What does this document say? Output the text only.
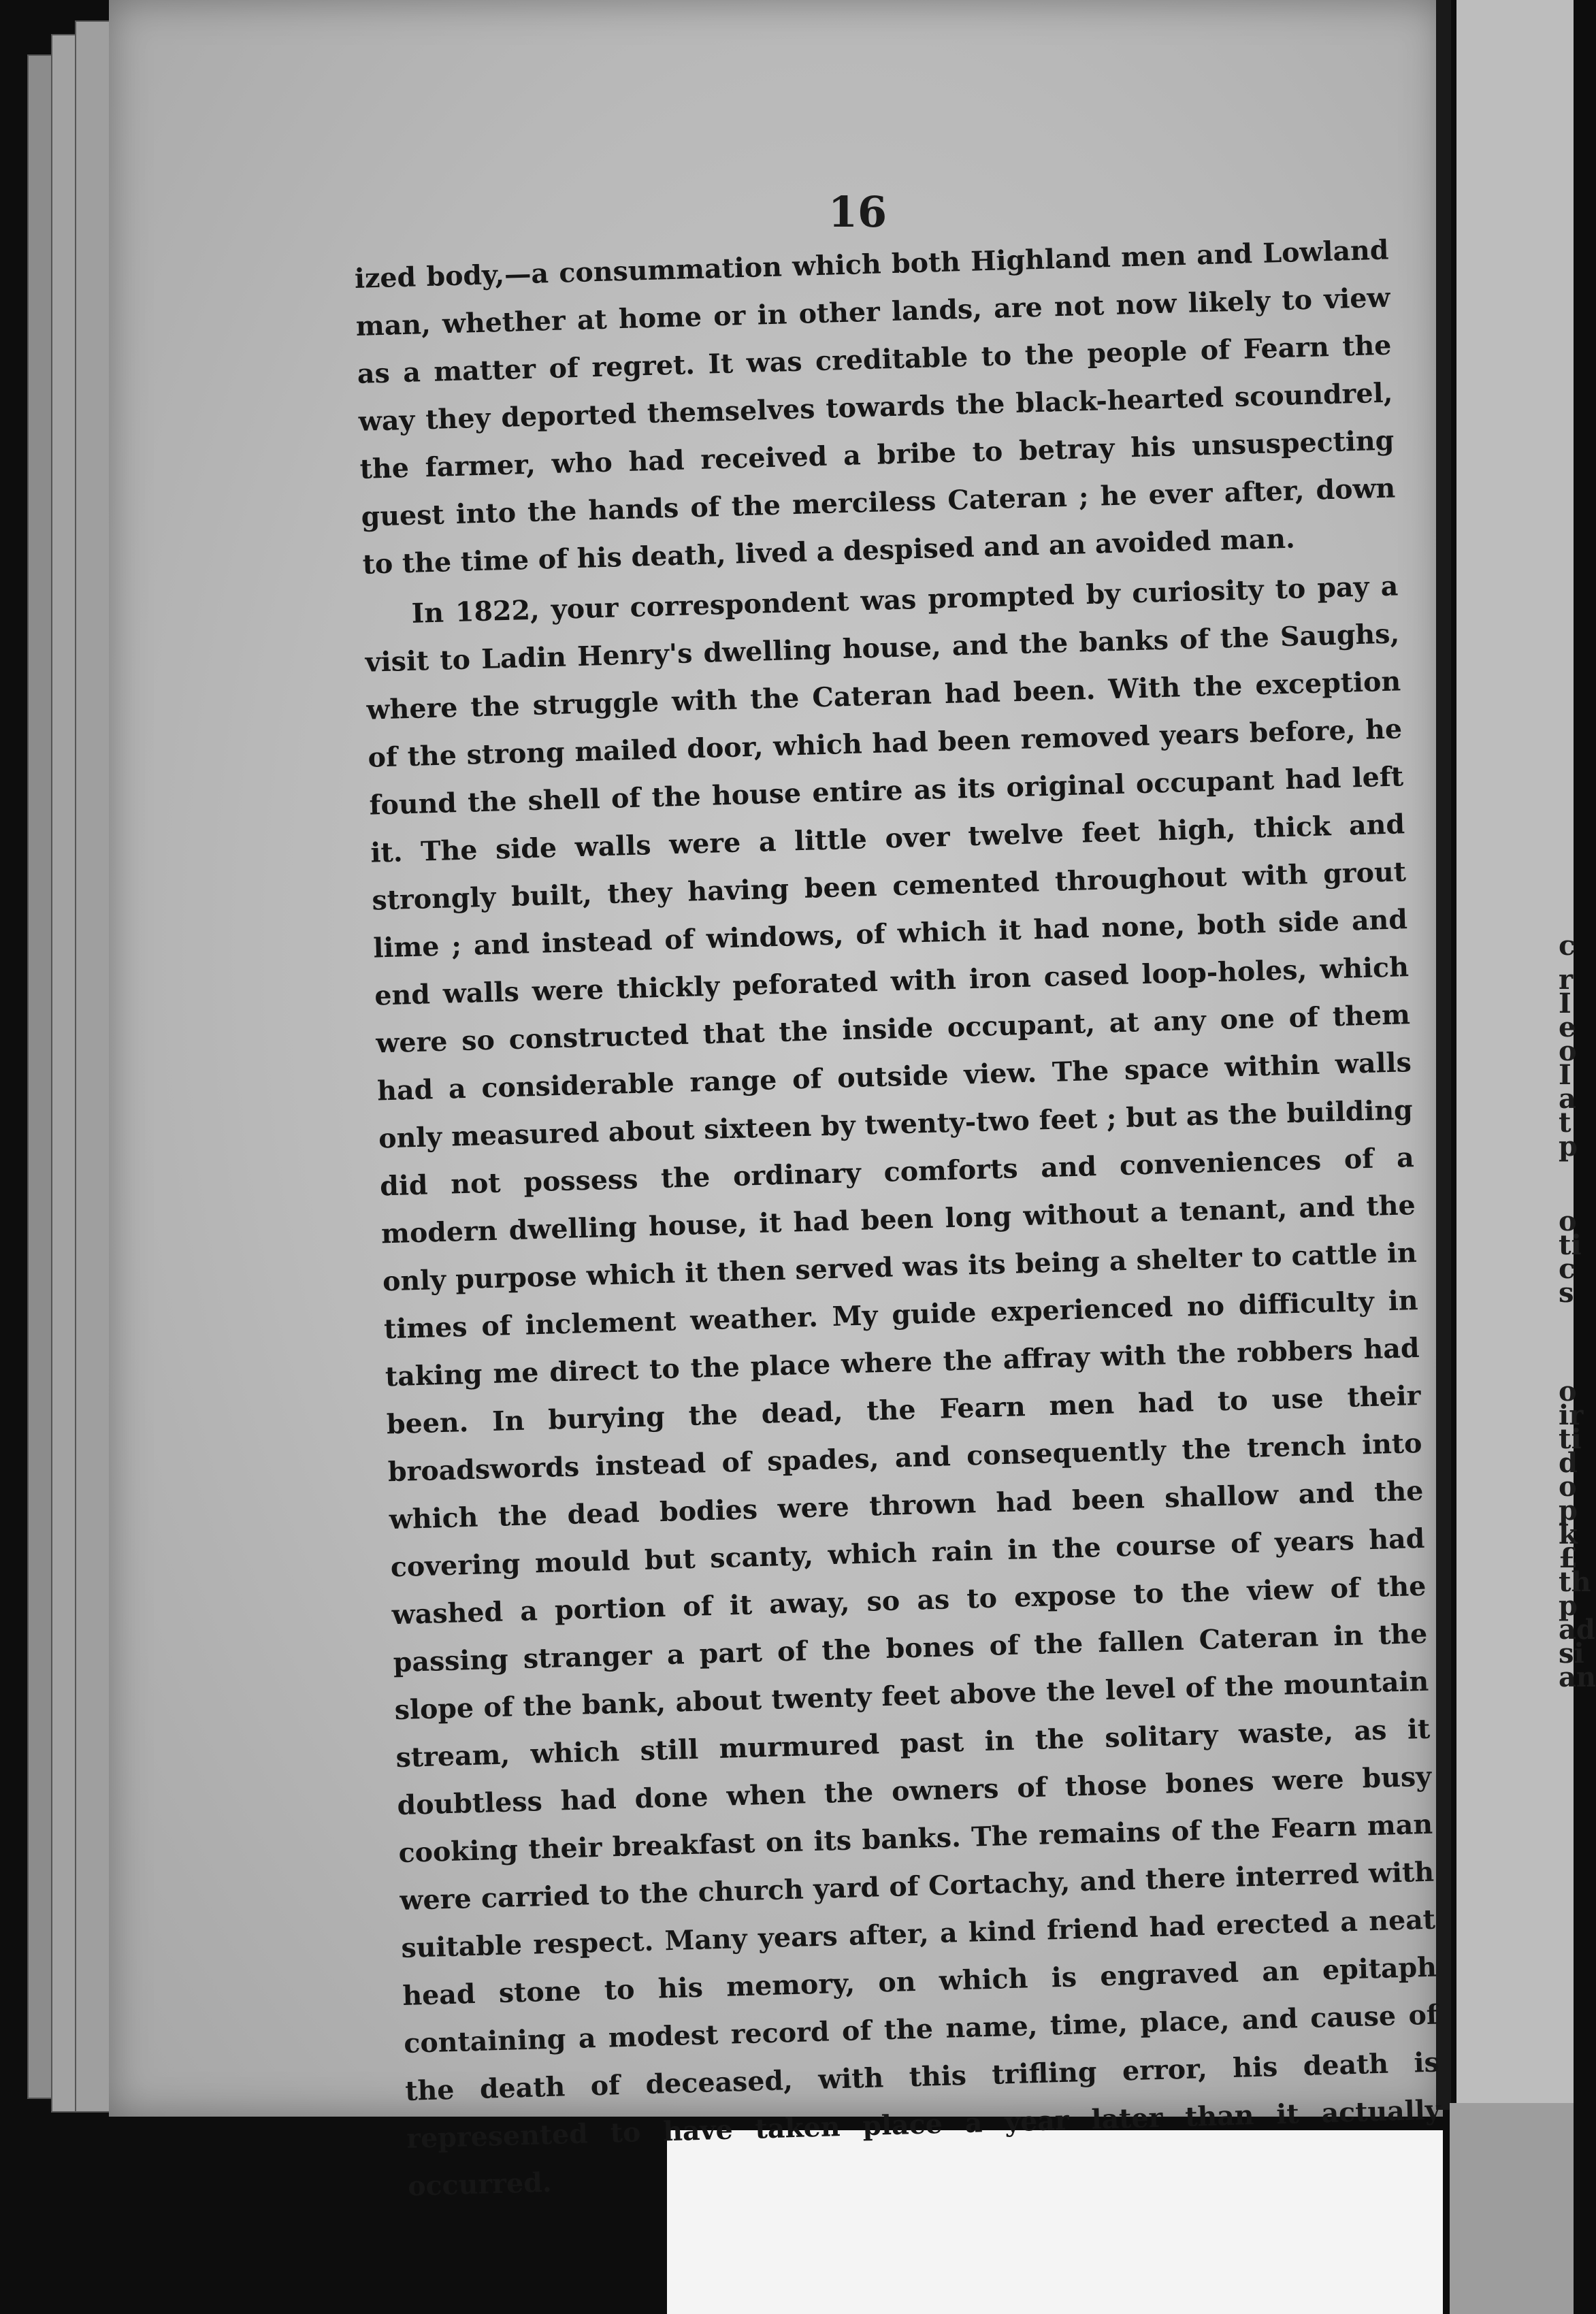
c
r
I
e
o
I
a
t
p
o
ti
c
s
o
ir
ti
d
o
p
k
£
th
p
ad
si
an
16

ized body,—a consummation which both Highland men and Lowland man, whether at home or in other lands, are not now likely to view as a matter of regret. It was creditable to the people of Fearn the way they deported themselves towards the black-hearted scoundrel, the farmer, who had received a bribe to betray his unsuspecting guest into the hands of the merciless Cateran ; he ever after, down to the time of his death, lived a despised and an avoided man.

In 1822, your correspondent was prompted by curiosity to pay a visit to Ladin Henry's dwelling house, and the banks of the Saughs, where the struggle with the Cateran had been. With the exception of the strong mailed door, which had been removed years before, he found the shell of the house entire as its original occupant had left it. The side walls were a little over twelve feet high, thick and strongly built, they having been cemented throughout with grout lime ; and instead of windows, of which it had none, both side and end walls were thickly peforated with iron cased loop-holes, which were so constructed that the inside occupant, at any one of them had a considerable range of outside view. The space within walls only measured about sixteen by twenty-two feet ; but as the building did not possess the ordinary comforts and conveniences of a modern dwelling house, it had been long without a tenant, and the only purpose which it then served was its being a shelter to cattle in times of inclement weather. My guide experienced no difficulty in taking me direct to the place where the affray with the robbers had been. In burying the dead, the Fearn men had to use their broadswords instead of spades, and consequently the trench into which the dead bodies were thrown had been shallow and the covering mould but scanty, which rain in the course of years had washed a portion of it away, so as to expose to the view of the passing stranger a part of the bones of the fallen Cateran in the slope of the bank, about twenty feet above the level of the mountain stream, which still murmured past in the solitary waste, as it doubtless had done when the owners of those bones were busy cooking their breakfast on its banks. The remains of the Fearn man were carried to the church yard of Cortachy, and there interred with suitable respect. Many years after, a kind friend had erected a neat head stone to his memory, on which is engraved an epitaph containing a modest record of the name, time, place, and cause of the death of deceased, with this trifling error, his death is represented to have taken place a year later than it actually occurred.
